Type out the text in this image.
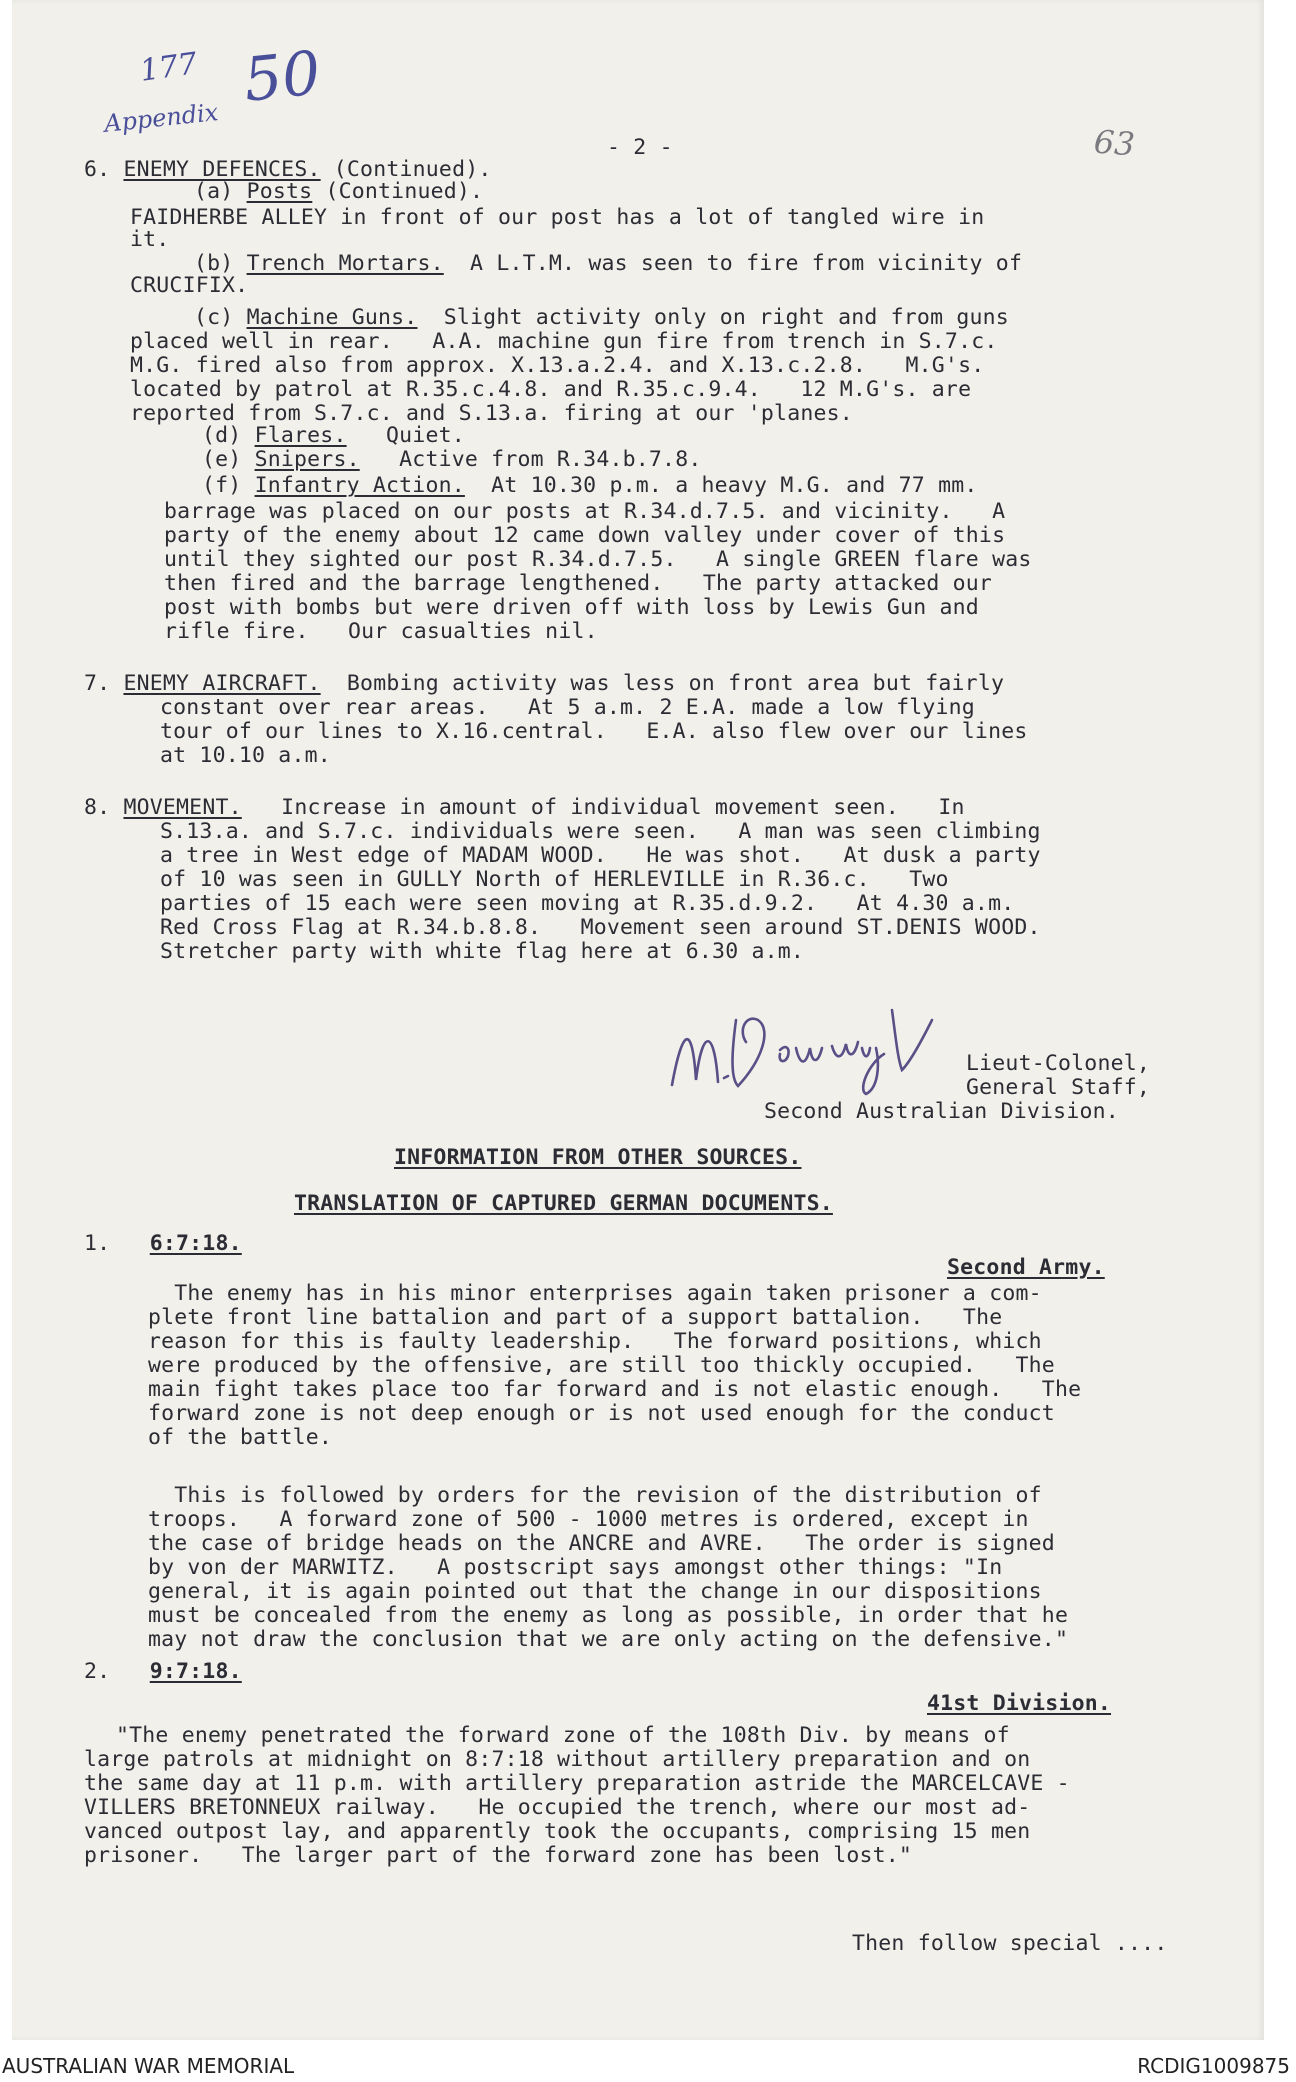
177
Appendix
50
63
- 2 -
6. ENEMY DEFENCES. (Continued).
(a) Posts (Continued).
FAIDHERBE ALLEY in front of our post has a lot of tangled wire in
it.
(b) Trench Mortars.  A L.T.M. was seen to fire from vicinity of
CRUCIFIX.
(c) Machine Guns.  Slight activity only on right and from guns
placed well in rear.   A.A. machine gun fire from trench in S.7.c.
M.G. fired also from approx. X.13.a.2.4. and X.13.c.2.8.   M.G's.
located by patrol at R.35.c.4.8. and R.35.c.9.4.   12 M.G's. are
reported from S.7.c. and S.13.a. firing at our 'planes.
(d) Flares.   Quiet.
(e) Snipers.   Active from R.34.b.7.8.
(f) Infantry Action.  At 10.30 p.m. a heavy M.G. and 77 mm.
barrage was placed on our posts at R.34.d.7.5. and vicinity.   A
party of the enemy about 12 came down valley under cover of this
until they sighted our post R.34.d.7.5.   A single GREEN flare was
then fired and the barrage lengthened.   The party attacked our
post with bombs but were driven off with loss by Lewis Gun and
rifle fire.   Our casualties nil.
7. ENEMY AIRCRAFT.  Bombing activity was less on front area but fairly
constant over rear areas.   At 5 a.m. 2 E.A. made a low flying
tour of our lines to X.16.central.   E.A. also flew over our lines
at 10.10 a.m.
8. MOVEMENT.   Increase in amount of individual movement seen.   In
S.13.a. and S.7.c. individuals were seen.   A man was seen climbing
a tree in West edge of MADAM WOOD.   He was shot.   At dusk a party
of 10 was seen in GULLY North of HERLEVILLE in R.36.c.   Two
parties of 15 each were seen moving at R.35.d.9.2.   At 4.30 a.m.
Red Cross Flag at R.34.b.8.8.   Movement seen around ST.DENIS WOOD.
Stretcher party with white flag here at 6.30 a.m.
Lieut-Colonel,
General Staff,
Second Australian Division.
INFORMATION FROM OTHER SOURCES.
TRANSLATION OF CAPTURED GERMAN DOCUMENTS.
1. 6:7:18.
Second Army.
The enemy has in his minor enterprises again taken prisoner a com-
plete front line battalion and part of a support battalion.   The
reason for this is faulty leadership.   The forward positions, which
were produced by the offensive, are still too thickly occupied.   The
main fight takes place too far forward and is not elastic enough.   The
forward zone is not deep enough or is not used enough for the conduct
of the battle.
This is followed by orders for the revision of the distribution of
troops.   A forward zone of 500 - 1000 metres is ordered, except in
the case of bridge heads on the ANCRE and AVRE.   The order is signed
by von der MARWITZ.   A postscript says amongst other things: "In
general, it is again pointed out that the change in our dispositions
must be concealed from the enemy as long as possible, in order that he
may not draw the conclusion that we are only acting on the defensive."
2. 9:7:18.
41st Division.
"The enemy penetrated the forward zone of the 108th Div. by means of
large patrols at midnight on 8:7:18 without artillery preparation and on
the same day at 11 p.m. with artillery preparation astride the MARCELCAVE -
VILLERS BRETONNEUX railway.   He occupied the trench, where our most ad-
vanced outpost lay, and apparently took the occupants, comprising 15 men
prisoner.   The larger part of the forward zone has been lost."
Then follow special ....
AUSTRALIAN WAR MEMORIAL	RCDIG1009875
